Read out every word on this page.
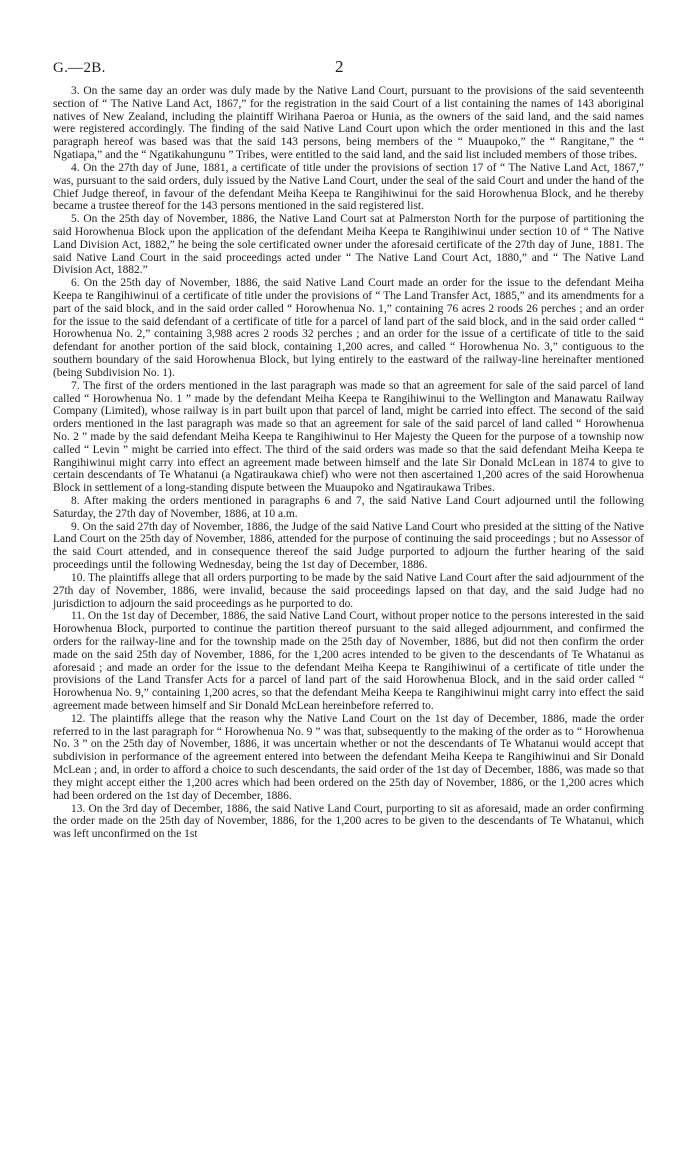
G.—2B.	2

3. On the same day an order was duly made by the Native Land Court, pursuant to the provisions of the said seventeenth section of “ The Native Land Act, 1867,” for the registration in the said Court of a list containing the names of 143 aboriginal natives of New Zealand, including the plaintiff Wirihana Paeroa or Hunia, as the owners of the said land, and the said names were registered accordingly. The finding of the said Native Land Court upon which the order mentioned in this and the last paragraph hereof was based was that the said 143 persons, being members of the “ Muaupoko,” the “ Rangitane,” the “ Ngatiapa,” and the “ Ngatikahungunu ” Tribes, were entitled to the said land, and the said list included members of those tribes.

4. On the 27th day of June, 1881, a certificate of title under the provisions of section 17 of “ The Native Land Act, 1867,” was, pursuant to the said orders, duly issued by the Native Land Court, under the seal of the said Court and under the hand of the Chief Judge thereof, in favour of the defendant Meiha Keepa te Rangihiwinui for the said Horowhenua Block, and he thereby became a trustee thereof for the 143 persons mentioned in the said registered list.

5. On the 25th day of November, 1886, the Native Land Court sat at Palmerston North for the purpose of partitioning the said Horowhenua Block upon the application of the defendant Meiha Keepa te Rangihiwinui under section 10 of “ The Native Land Division Act, 1882,” he being the sole certificated owner under the aforesaid certificate of the 27th day of June, 1881. The said Native Land Court in the said proceedings acted under “ The Native Land Court Act, 1880,” and “ The Native Land Division Act, 1882.”

6. On the 25th day of November, 1886, the said Native Land Court made an order for the issue to the defendant Meiha Keepa te Rangihiwinui of a certificate of title under the provisions of “ The Land Transfer Act, 1885,” and its amendments for a part of the said block, and in the said order called “ Horowhenua No. 1,” containing 76 acres 2 roods 26 perches ; and an order for the issue to the said defendant of a certificate of title for a parcel of land part of the said block, and in the said order called “ Horowhenua No. 2,” containing 3,988 acres 2 roods 32 perches ; and an order for the issue of a certificate of title to the said defendant for another portion of the said block, containing 1,200 acres, and called “ Horowhenua No. 3,” contiguous to the southern boundary of the said Horowhenua Block, but lying entirely to the eastward of the railway-line hereinafter mentioned (being Subdivision No. 1).

7. The first of the orders mentioned in the last paragraph was made so that an agreement for sale of the said parcel of land called “ Horowhenua No. 1 ” made by the defendant Meiha Keepa te Rangihiwinui to the Wellington and Manawatu Railway Company (Limited), whose railway is in part built upon that parcel of land, might be carried into effect. The second of the said orders mentioned in the last paragraph was made so that an agreement for sale of the said parcel of land called “ Horowhenua No. 2 ” made by the said defendant Meiha Keepa te Rangihiwinui to Her Majesty the Queen for the purpose of a township now called “ Levin ” might be carried into effect. The third of the said orders was made so that the said defendant Meiha Keepa te Rangihiwinui might carry into effect an agreement made between himself and the late Sir Donald McLean in 1874 to give to certain descendants of Te Whatanui (a Ngatiraukawa chief) who were not then ascertained 1,200 acres of the said Horowhenua Block in settlement of a long-standing dispute between the Muaupoko and Ngatiraukawa Tribes.

8. After making the orders mentioned in paragraphs 6 and 7, the said Native Land Court adjourned until the following Saturday, the 27th day of November, 1886, at 10 a.m.

9. On the said 27th day of November, 1886, the Judge of the said Native Land Court who presided at the sitting of the Native Land Court on the 25th day of November, 1886, attended for the purpose of continuing the said proceedings ; but no Assessor of the said Court attended, and in consequence thereof the said Judge purported to adjourn the further hearing of the said proceedings until the following Wednesday, being the 1st day of December, 1886.

10. The plaintiffs allege that all orders purporting to be made by the said Native Land Court after the said adjournment of the 27th day of November, 1886, were invalid, because the said proceedings lapsed on that day, and the said Judge had no jurisdiction to adjourn the said proceedings as he purported to do.

11. On the 1st day of December, 1886, the said Native Land Court, without proper notice to the persons interested in the said Horowhenua Block, purported to continue the partition thereof pursuant to the said alleged adjournment, and confirmed the orders for the railway-line and for the township made on the 25th day of November, 1886, but did not then confirm the order made on the said 25th day of November, 1886, for the 1,200 acres intended to be given to the descendants of Te Whatanui as aforesaid ; and made an order for the issue to the defendant Meiha Keepa te Rangihiwinui of a certificate of title under the provisions of the Land Transfer Acts for a parcel of land part of the said Horowhenua Block, and in the said order called “ Horowhenua No. 9,” containing 1,200 acres, so that the defendant Meiha Keepa te Rangihiwinui might carry into effect the said agreement made between himself and Sir Donald McLean hereinbefore referred to.

12. The plaintiffs allege that the reason why the Native Land Court on the 1st day of December, 1886, made the order referred to in the last paragraph for “ Horowhenua No. 9 ” was that, subsequently to the making of the order as to “ Horowhenua No. 3 ” on the 25th day of November, 1886, it was uncertain whether or not the descendants of Te Whatanui would accept that subdivision in performance of the agreement entered into between the defendant Meiha Keepa te Rangihiwinui and Sir Donald McLean ; and, in order to afford a choice to such descendants, the said order of the 1st day of December, 1886, was made so that they might accept either the 1,200 acres which had been ordered on the 25th day of November, 1886, or the 1,200 acres which had been ordered on the 1st day of December, 1886.

13. On the 3rd day of December, 1886, the said Native Land Court, purporting to sit as aforesaid, made an order confirming the order made on the 25th day of November, 1886, for the 1,200 acres to be given to the descendants of Te Whatanui, which was left unconfirmed on the 1st
